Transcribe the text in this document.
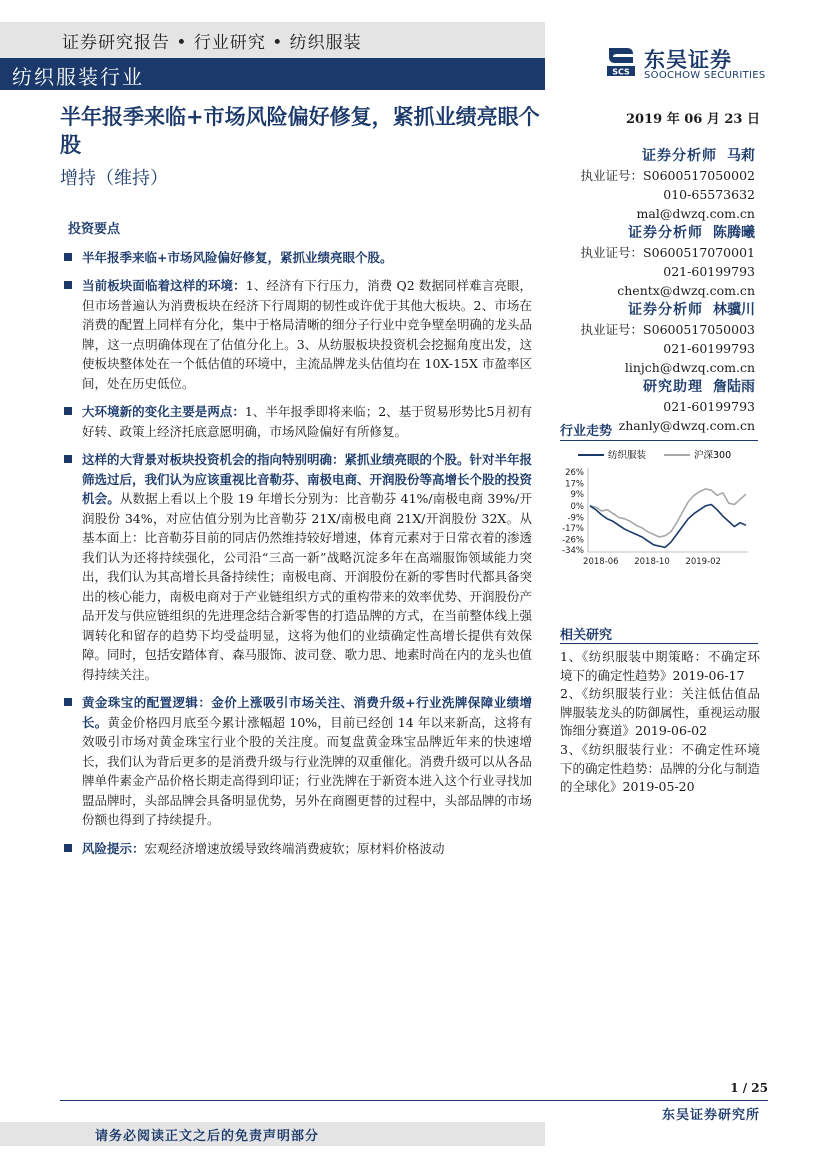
证券研究报告 • 行业研究 • 纺织服装
纺织服装行业	SCS 东吴证券
SOOCHOW SECURITIES
半年报季来临+市场风险偏好修复，紧抓业绩亮眼个股
增持（维持）
2019 年 06 月 23 日
证券分析师 马莉
执业证号：S0600517050002
010-65573632
mal@dwzq.com.cn
证券分析师 陈腾曦
执业证号：S0600517070001
021-60199793
chentx@dwzq.com.cn
证券分析师 林骥川
执业证号：S0600517050003
021-60199793
linjch@dwzq.com.cn
研究助理 詹陆雨
021-60199793
zhanly@dwzq.com.cn
投资要点
半年报季来临+市场风险偏好修复，紧抓业绩亮眼个股。
当前板块面临着这样的环境：1、经济有下行压力，消费 Q2 数据同样难言亮眼，但市场普遍认为消费板块在经济下行周期的韧性或许优于其他大板块。2、市场在消费的配置上同样有分化，集中于格局清晰的细分子行业中竞争壁垒明确的龙头品牌，这一点明确体现在了估值分化上。3、从纺服板块投资机会挖掘角度出发，这使板块整体处在一个低估值的环境中，主流品牌龙头估值均在 10X-15X 市盈率区间，处在历史低位。
大环境新的变化主要是两点：1、半年报季即将来临；2、基于贸易形势比5月初有好转、政策上经济托底意愿明确，市场风险偏好有所修复。
这样的大背景对板块投资机会的指向特别明确：紧抓业绩亮眼的个股。针对半年报筛选过后，我们认为应该重视比音勒芬、南极电商、开润股份等高增长个股的投资机会。从数据上看以上个股 19 年增长分别为：比音勒芬 41%/南极电商 39%/开润股份 34%，对应估值分别为比音勒芬 21X/南极电商 21X/开润股份 32X。从基本面上：比音勒芬目前的同店仍然维持较好增速，体育元素对于日常衣着的渗透我们认为还将持续强化，公司沿“三高一新”战略沉淀多年在高端服饰领域能力突出，我们认为其高增长具备持续性；南极电商、开润股份在新的零售时代都具备突出的核心能力，南极电商对于产业链组织方式的重构带来的效率优势、开润股份产品开发与供应链组织的先进理念结合新零售的打造品牌的方式，在当前整体线上强调转化和留存的趋势下均受益明显，这将为他们的业绩确定性高增长提供有效保障。同时，包括安踏体育、森马服饰、波司登、歌力思、地素时尚在内的龙头也值得持续关注。
黄金珠宝的配置逻辑：金价上涨吸引市场关注、消费升级+行业洗牌保障业绩增长。黄金价格四月底至今累计涨幅超 10%，目前已经创 14 年以来新高，这将有效吸引市场对黄金珠宝行业个股的关注度。而复盘黄金珠宝品牌近年来的快速增长，我们认为背后更多的是消费升级与行业洗牌的双重催化。消费升级可以从各品牌单件素金产品价格长期走高得到印证；行业洗牌在于新资本进入这个行业寻找加盟品牌时，头部品牌会具备明显优势，另外在商圈更替的过程中，头部品牌的市场份额也得到了持续提升。
风险提示：宏观经济增速放缓导致终端消费疲软；原材料价格波动
行业走势
纺织服装	沪深300
26%
17%
9%
0%
-9%
-17%
-26%
-34%
2018-06 2018-10 2019-02
相关研究
1、《纺织服装中期策略：不确定环境下的确定性趋势》2019-06-17
2、《纺织服装行业：关注低估值品牌服装龙头的防御属性，重视运动服饰细分赛道》2019-06-02
3、《纺织服装行业：不确定性环境下的确定性趋势：品牌的分化与制造的全球化》2019-05-20
1 / 25
东吴证券研究所
请务必阅读正文之后的免责声明部分
